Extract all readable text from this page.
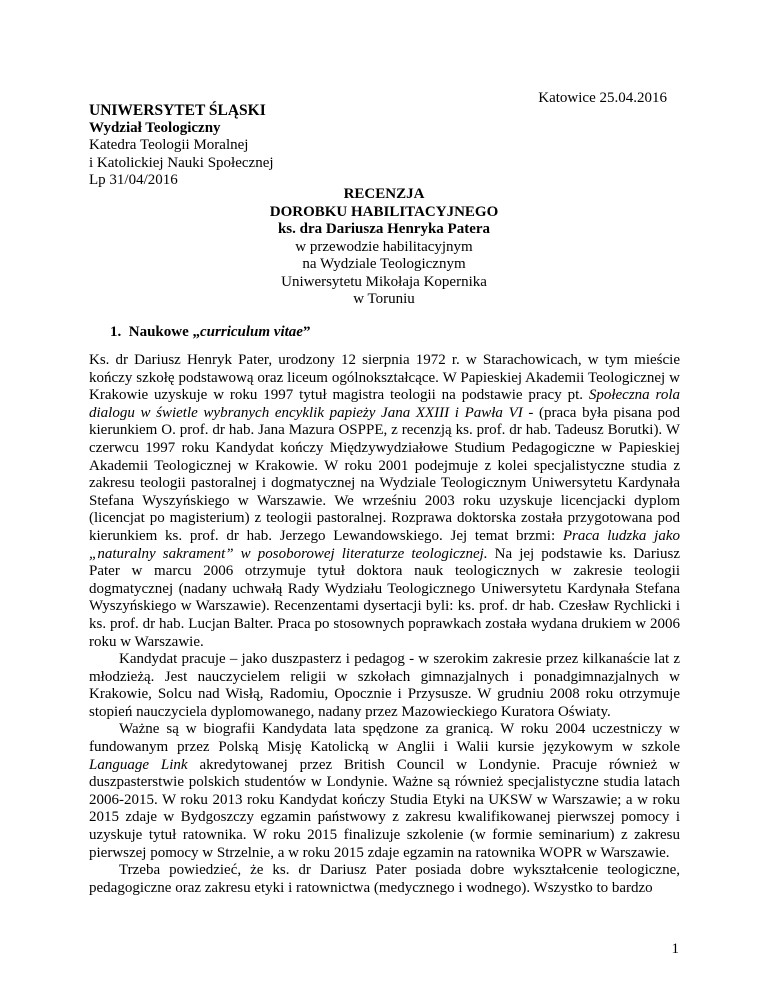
Katowice 25.04.2016
UNIWERSYTET ŚLĄSKI
Wydział Teologiczny
Katedra Teologii Moralnej
i Katolickiej Nauki Społecznej
Lp 31/04/2016
RECENZJA
DOROBKU HABILITACYJNEGO
ks. dra Dariusza Henryka Patera
w przewodzie habilitacyjnym
na Wydziale Teologicznym
Uniwersytetu Mikołaja Kopernika
w Toruniu
1. Naukowe „curriculum vitae”

Ks. dr Dariusz Henryk Pater, urodzony 12 sierpnia 1972 r. w Starachowicach, w tym mieście kończy szkołę podstawową oraz liceum ogólnokształcące. W Papieskiej Akademii Teologicznej w Krakowie uzyskuje w roku 1997 tytuł magistra teologii na podstawie pracy pt. Społeczna rola dialogu w świetle wybranych encyklik papieży Jana XXIII i Pawła VI - (praca była pisana pod kierunkiem O. prof. dr hab. Jana Mazura OSPPE, z recenzją ks. prof. dr hab. Tadeusz Borutki). W czerwcu 1997 roku Kandydat kończy Międzywydziałowe Studium Pedagogiczne w Papieskiej Akademii Teologicznej w Krakowie. W roku 2001 podejmuje z kolei specjalistyczne studia z zakresu teologii pastoralnej i dogmatycznej na Wydziale Teologicznym Uniwersytetu Kardynała Stefana Wyszyńskiego w Warszawie. We wrześniu 2003 roku uzyskuje licencjacki dyplom (licencjat po magisterium) z teologii pastoralnej. Rozprawa doktorska została przygotowana pod kierunkiem ks. prof. dr hab. Jerzego Lewandowskiego. Jej temat brzmi: Praca ludzka jako „naturalny sakrament” w posoborowej literaturze teologicznej. Na jej podstawie ks. Dariusz Pater w marcu 2006 otrzymuje tytuł doktora nauk teologicznych w zakresie teologii dogmatycznej (nadany uchwałą Rady Wydziału Teologicznego Uniwersytetu Kardynała Stefana Wyszyńskiego w Warszawie). Recenzentami dysertacji byli: ks. prof. dr hab. Czesław Rychlicki i ks. prof. dr hab. Lucjan Balter. Praca po stosownych poprawkach została wydana drukiem w 2006 roku w Warszawie.

Kandydat pracuje – jako duszpasterz i pedagog - w szerokim zakresie przez kilkanaście lat z młodzieżą. Jest nauczycielem religii w szkołach gimnazjalnych i ponadgimnazjalnych w Krakowie, Solcu nad Wisłą, Radomiu, Opocznie i Przysusze. W grudniu 2008 roku otrzymuje stopień nauczyciela dyplomowanego, nadany przez Mazowieckiego Kuratora Oświaty.

Ważne są w biografii Kandydata lata spędzone za granicą. W roku 2004 uczestniczy w fundowanym przez Polską Misję Katolicką w Anglii i Walii kursie językowym w szkole Language Link akredytowanej przez British Council w Londynie. Pracuje również w duszpasterstwie polskich studentów w Londynie. Ważne są również specjalistyczne studia latach 2006-2015. W roku 2013 roku Kandydat kończy Studia Etyki na UKSW w Warszawie; a w roku 2015 zdaje w Bydgoszczy egzamin państwowy z zakresu kwalifikowanej pierwszej pomocy i uzyskuje tytuł ratownika. W roku 2015 finalizuje szkolenie (w formie seminarium) z zakresu pierwszej pomocy w Strzelnie, a w roku 2015 zdaje egzamin na ratownika WOPR w Warszawie.

Trzeba powiedzieć, że ks. dr Dariusz Pater posiada dobre wykształcenie teologiczne, pedagogiczne oraz zakresu etyki i ratownictwa (medycznego i wodnego). Wszystko to bardzo

1
